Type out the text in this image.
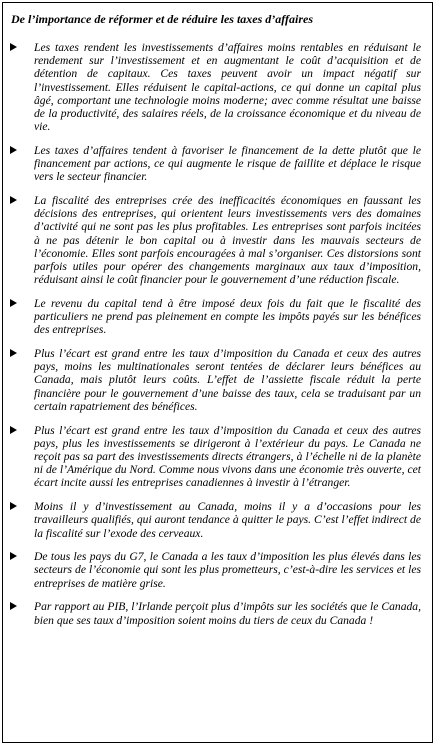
De l’importance de réformer et de réduire les taxes d’affaires
Les taxes rendent les investissements d’affaires moins rentables en réduisant le rendement sur l’investissement et en augmentant le coût d’acquisition et de détention de capitaux. Ces taxes peuvent avoir un impact négatif sur l’investissement. Elles réduisent le capital-actions, ce qui donne un capital plus âgé, comportant une technologie moins moderne; avec comme résultat une baisse de la productivité, des salaires réels, de la croissance économique et du niveau de vie.
Les taxes d’affaires tendent à favoriser le financement de la dette plutôt que le financement par actions, ce qui augmente le risque de faillite et déplace le risque vers le secteur financier.
La fiscalité des entreprises crée des inefficacités économiques en faussant les décisions des entreprises, qui orientent leurs investissements vers des domaines d’activité qui ne sont pas les plus profitables. Les entreprises sont parfois incitées à ne pas détenir le bon capital ou à investir dans les mauvais secteurs de l’économie. Elles sont parfois encouragées à mal s’organiser. Ces distorsions sont parfois utiles pour opérer des changements marginaux aux taux d’imposition, réduisant ainsi le coût financier pour le gouvernement d’une réduction fiscale.
Le revenu du capital tend à être imposé deux fois du fait que le fiscalité des particuliers ne prend pas pleinement en compte les impôts payés sur les bénéfices des entreprises.
Plus l’écart est grand entre les taux d’imposition du Canada et ceux des autres pays, moins les multinationales seront tentées de déclarer leurs bénéfices au Canada, mais plutôt leurs coûts. L’effet de l’assiette fiscale réduit la perte financière pour le gouvernement d’une baisse des taux, cela se traduisant par un certain rapatriement des bénéfices.
Plus l’écart est grand entre les taux d’imposition du Canada et ceux des autres pays, plus les investissements se dirigeront à l’extérieur du pays. Le Canada ne reçoit pas sa part des investissements directs étrangers, à l’échelle ni de la planète ni de l’Amérique du Nord. Comme nous vivons dans une économie très ouverte, cet écart incite aussi les entreprises canadiennes à investir à l’étranger.
Moins il y d’investissement au Canada, moins il y a d’occasions pour les travailleurs qualifiés, qui auront tendance à quitter le pays. C’est l’effet indirect de la fiscalité sur l’exode des cerveaux.
De tous les pays du G7, le Canada a les taux d’imposition les plus élevés dans les secteurs de l’économie qui sont les plus prometteurs, c’est-à-dire les services et les entreprises de matière grise.
Par rapport au PIB, l’Irlande perçoit plus d’impôts sur les sociétés que le Canada, bien que ses taux d’imposition soient moins du tiers de ceux du Canada !
